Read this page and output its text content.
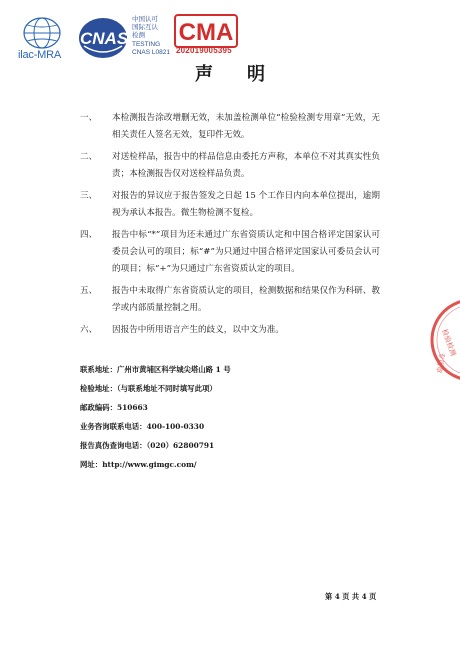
ilac-MRA
CNAS
中国认可
国际互认
检测
TESTING
CNAS L0821
CMA
202019005395
声明
一、	本检测报告涂改增删无效，未加盖检测单位“检验检测专用章”无效，无相关责任人签名无效，复印件无效。
二、	对送检样品，报告中的样品信息由委托方声称，本单位不对其真实性负责；本检测报告仅对送检样品负责。
三、	对报告的异议应于报告签发之日起 15 个工作日内向本单位提出，逾期视为承认本报告。微生物检测不复检。
四、	报告中标“*”项目为还未通过广东省资质认定和中国合格评定国家认可委员会认可的项目；标“#”为只通过中国合格评定国家认可委员会认可的项目；标“+”为只通过广东省资质认定的项目。
五、	报告中未取得广东省资质认定的项目，检测数据和结果仅作为科研、教学或内部质量控制之用。
六、	因报告中所用语言产生的歧义，以中文为准。
联系地址：广州市黄埔区科学城尖塔山路 1 号
检验地址：（与联系地址不同时填写此项）
邮政编码：510663
业务咨询联系电话：400-100-0330
报告真伪查询电话：（020）62800791
网址：http://www.gimgc.com/
第 4 页 共 4 页
检验检测
专用章
